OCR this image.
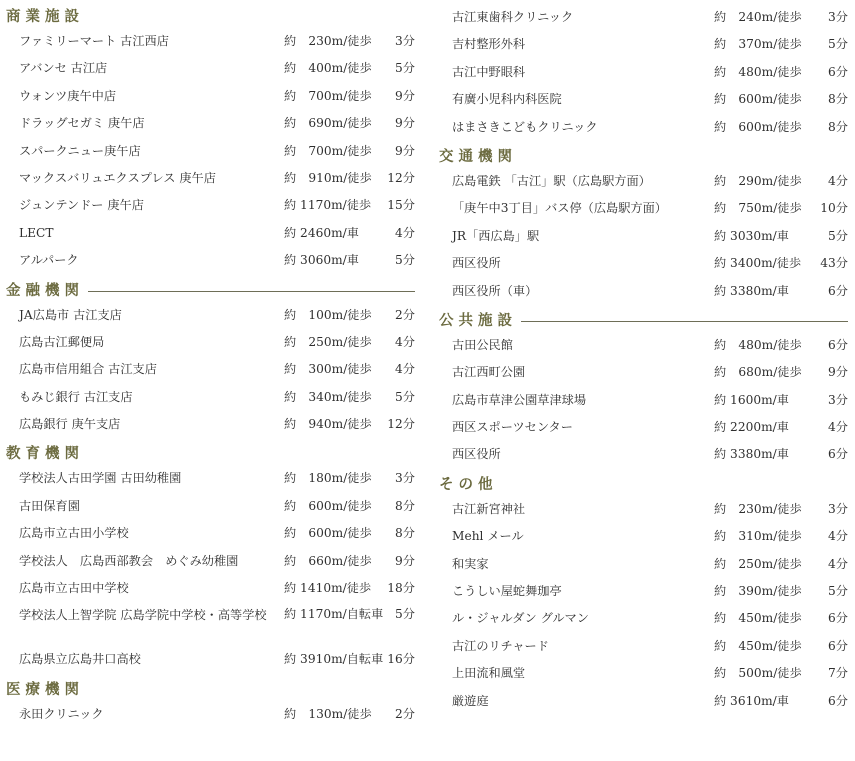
商業施設
ファミリーマート 古江西店	約　230m/徒歩 3分
アバンセ 古江店	約　400m/徒歩 5分
ウォンツ庚午中店	約　700m/徒歩 9分
ドラッグセガミ 庚午店	約　690m/徒歩 9分
スパークニュー庚午店	約　700m/徒歩 9分
マックスバリュエクスプレス 庚午店	約　910m/徒歩 12分
ジュンテンドー 庚午店	約 1170m/徒歩 15分
LECT	約 2460m/車	4分
アルパーク	約 3060m/車	5分
金融機関
JA広島市 古江支店	約　100m/徒歩 2分
広島古江郵便局	約　250m/徒歩 4分
広島市信用組合 古江支店	約　300m/徒歩 4分
もみじ銀行 古江支店	約　340m/徒歩 5分
広島銀行 庚午支店	約　940m/徒歩 12分
教育機関
学校法人古田学園 古田幼稚園	約　180m/徒歩 3分
古田保育園	約　600m/徒歩 8分
広島市立古田小学校	約　600m/徒歩 8分
学校法人　広島西部教会　めぐみ幼稚園	約　660m/徒歩 9分
広島市立古田中学校	約 1410m/徒歩 18分
学校法人上智学院 広島学院中学校・高等学校	約 1170m/自転車 5分
広島県立広島井口高校	約 3910m/自転車 16分
医療機関
永田クリニック	約　130m/徒歩 2分
古江東歯科クリニック	約　240m/徒歩 3分
吉村整形外科	約　370m/徒歩 5分
古江中野眼科	約　480m/徒歩 6分
有廣小児科内科医院	約　600m/徒歩 8分
はまさきこどもクリニック	約　600m/徒歩 8分
交通機関
広島電鉄 「古江」駅（広島駅方面）	約　290m/徒歩 4分
「庚午中3丁目」バス停（広島駅方面）	約　750m/徒歩 10分
JR「西広島」駅	約 3030m/車	5分
西区役所	約 3400m/徒歩 43分
西区役所（車）	約 3380m/車	6分
公共施設
古田公民館	約　480m/徒歩 6分
古江西町公園	約　680m/徒歩 9分
広島市草津公園草津球場	約 1600m/車	3分
西区スポーツセンター	約 2200m/車	4分
西区役所	約 3380m/車	6分
その他
古江新宮神社	約　230m/徒歩 3分
Mehl メール	約　310m/徒歩 4分
和実家	約　250m/徒歩 4分
こうしい屋蛇舞珈亭	約　390m/徒歩 5分
ル・ジャルダン グルマン	約　450m/徒歩 6分
古江のリチャード	約　450m/徒歩 6分
上田流和風堂	約　500m/徒歩 7分
厳遊庭	約 3610m/車	6分
